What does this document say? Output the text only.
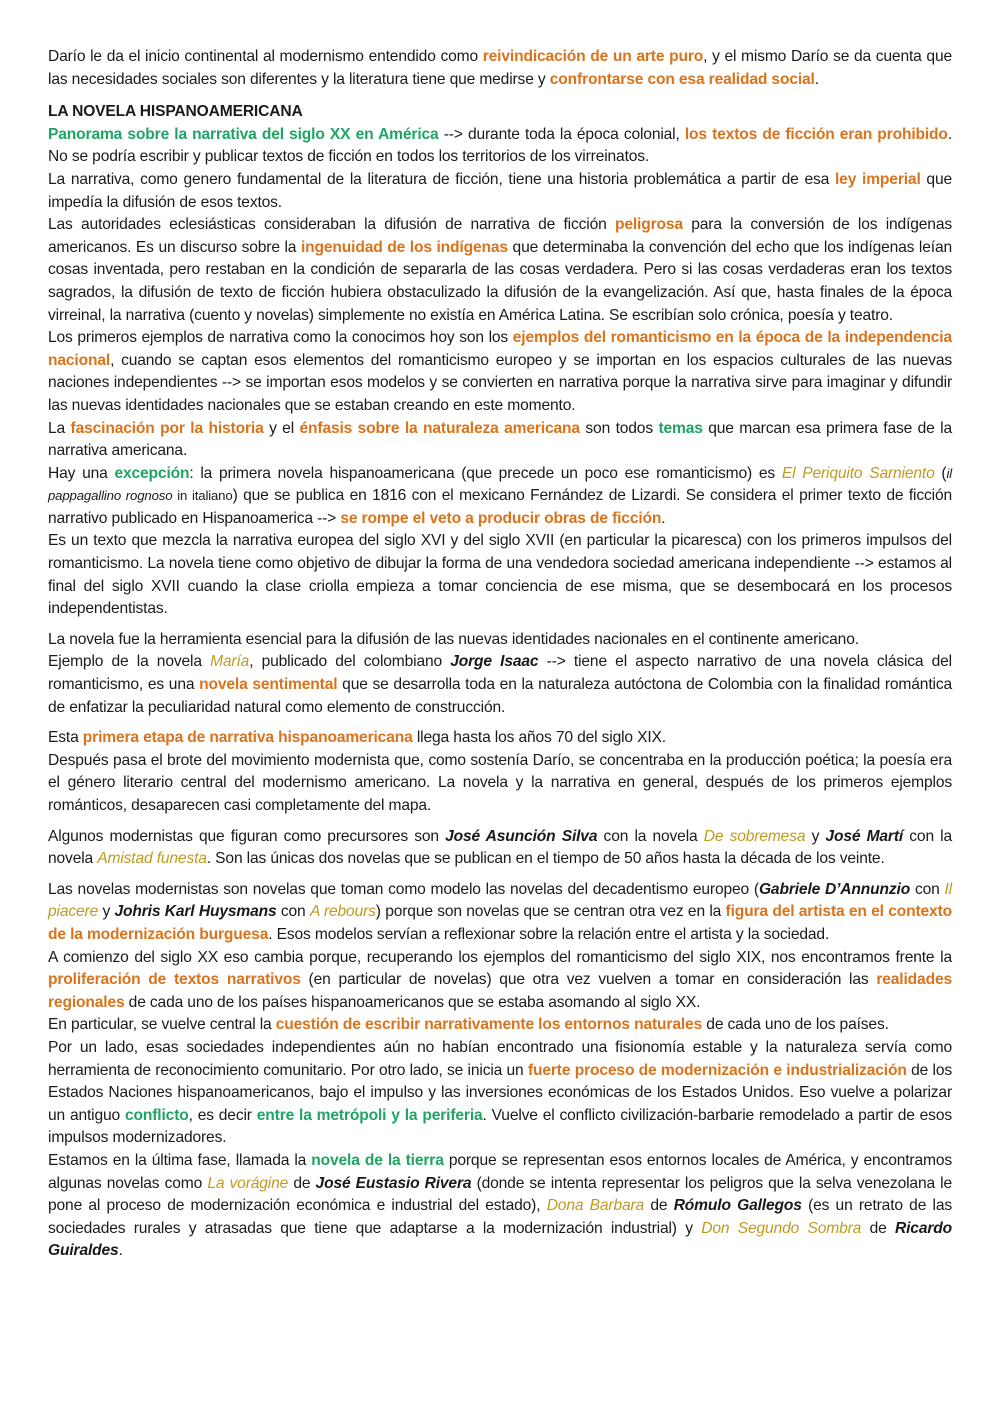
Darío le da el inicio continental al modernismo entendido como reivindicación de un arte puro, y el mismo Darío se da cuenta que las necesidades sociales son diferentes y la literatura tiene que medirse y confrontarse con esa realidad social.

LA NOVELA HISPANOAMERICANA

Panorama sobre la narrativa del siglo XX en América --> durante toda la época colonial, los textos de ficción eran prohibido. No se podría escribir y publicar textos de ficción en todos los territorios de los virreinatos.

La narrativa, como genero fundamental de la literatura de ficción, tiene una historia problemática a partir de esa ley imperial que impedía la difusión de esos textos.

Las autoridades eclesiásticas consideraban la difusión de narrativa de ficción peligrosa para la conversión de los indígenas americanos. Es un discurso sobre la ingenuidad de los indígenas que determinaba la convención del echo que los indígenas leían cosas inventada, pero restaban en la condición de separarla de las cosas verdadera. Pero si las cosas verdaderas eran los textos sagrados, la difusión de texto de ficción hubiera obstaculizado la difusión de la evangelización. Así que, hasta finales de la época virreinal, la narrativa (cuento y novelas) simplemente no existía en América Latina. Se escribían solo crónica, poesía y teatro.

Los primeros ejemplos de narrativa como la conocimos hoy son los ejemplos del romanticismo en la época de la independencia nacional, cuando se captan esos elementos del romanticismo europeo y se importan en los espacios culturales de las nuevas naciones independientes --> se importan esos modelos y se convierten en narrativa porque la narrativa sirve para imaginar y difundir las nuevas identidades nacionales que se estaban creando en este momento.

La fascinación por la historia y el énfasis sobre la naturaleza americana son todos temas que marcan esa primera fase de la narrativa americana.

Hay una excepción: la primera novela hispanoamericana (que precede un poco ese romanticismo) es El Periquito Sarniento (il pappagallino rognoso in italiano) que se publica en 1816 con el mexicano Fernández de Lizardi. Se considera el primer texto de ficción narrativo publicado en Hispanoamerica --> se rompe el veto a producir obras de ficción.

Es un texto que mezcla la narrativa europea del siglo XVI y del siglo XVII (en particular la picaresca) con los primeros impulsos del romanticismo. La novela tiene como objetivo de dibujar la forma de una vendedora sociedad americana independiente --> estamos al final del siglo XVII cuando la clase criolla empieza a tomar conciencia de ese misma, que se desembocará en los procesos independentistas.

La novela fue la herramienta esencial para la difusión de las nuevas identidades nacionales en el continente americano.

Ejemplo de la novela María, publicado del colombiano Jorge Isaac --> tiene el aspecto narrativo de una novela clásica del romanticismo, es una novela sentimental que se desarrolla toda en la naturaleza autóctona de Colombia con la finalidad romántica de enfatizar la peculiaridad natural como elemento de construcción.

Esta primera etapa de narrativa hispanoamericana llega hasta los años 70 del siglo XIX.

Después pasa el brote del movimiento modernista que, como sostenía Darío, se concentraba en la producción poética; la poesía era el género literario central del modernismo americano. La novela y la narrativa en general, después de los primeros ejemplos románticos, desaparecen casi completamente del mapa.

Algunos modernistas que figuran como precursores son José Asunción Silva con la novela De sobremesa y José Martí con la novela Amistad funesta. Son las únicas dos novelas que se publican en el tiempo de 50 años hasta la década de los veinte.

Las novelas modernistas son novelas que toman como modelo las novelas del decadentismo europeo (Gabriele D’Annunzio con Il piacere y Johris Karl Huysmans con A rebours) porque son novelas que se centran otra vez en la figura del artista en el contexto de la modernización burguesa. Esos modelos servían a reflexionar sobre la relación entre el artista y la sociedad.

A comienzo del siglo XX eso cambia porque, recuperando los ejemplos del romanticismo del siglo XIX, nos encontramos frente la proliferación de textos narrativos (en particular de novelas) que otra vez vuelven a tomar en consideración las realidades regionales de cada uno de los países hispanoamericanos que se estaba asomando al siglo XX.

En particular, se vuelve central la cuestión de escribir narrativamente los entornos naturales de cada uno de los países.

Por un lado, esas sociedades independientes aún no habían encontrado una fisionomía estable y la naturaleza servía como herramienta de reconocimiento comunitario. Por otro lado, se inicia un fuerte proceso de modernización e industrialización de los Estados Naciones hispanoamericanos, bajo el impulso y las inversiones económicas de los Estados Unidos. Eso vuelve a polarizar un antiguo conflicto, es decir entre la metrópoli y la periferia. Vuelve el conflicto civilización-barbarie remodelado a partir de esos impulsos modernizadores.

Estamos en la última fase, llamada la novela de la tierra porque se representan esos entornos locales de América, y encontramos algunas novelas como La vorágine de José Eustasio Rivera (donde se intenta representar los peligros que la selva venezolana le pone al proceso de modernización económica e industrial del estado), Dona Barbara de Rómulo Gallegos (es un retrato de las sociedades rurales y atrasadas que tiene que adaptarse a la modernización industrial) y Don Segundo Sombra de Ricardo Guiraldes.
